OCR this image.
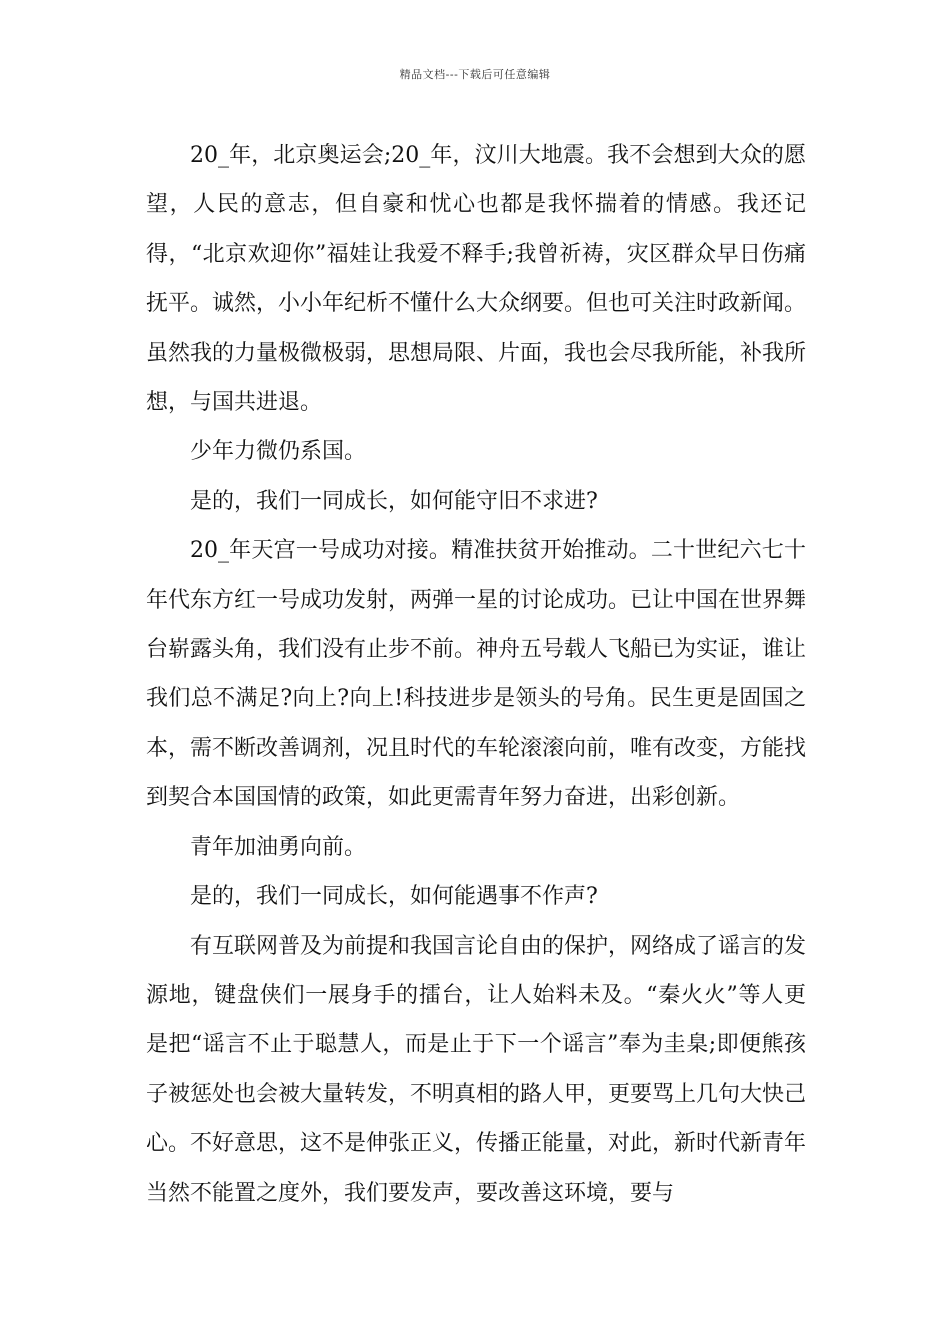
精品文档---下载后可任意编辑

20_年，北京奥运会;20_年，汶川大地震。我不会想到大众的愿望，人民的意志，但自豪和忧心也都是我怀揣着的情感。我还记得，“北京欢迎你”福娃让我爱不释手;我曾祈祷，灾区群众早日伤痛抚平。诚然，小小年纪析不懂什么大众纲要。但也可关注时政新闻。虽然我的力量极微极弱，思想局限、片面，我也会尽我所能，补我所想，与国共进退。

少年力微仍系国。

是的，我们一同成长，如何能守旧不求进?

20_年天宫一号成功对接。精准扶贫开始推动。二十世纪六七十年代东方红一号成功发射，两弹一星的讨论成功。已让中国在世界舞台崭露头角，我们没有止步不前。神舟五号载人飞船已为实证，谁让我们总不满足?向上?向上!科技进步是领头的号角。民生更是固国之本，需不断改善调剂，况且时代的车轮滚滚向前，唯有改变，方能找到契合本国国情的政策，如此更需青年努力奋进，出彩创新。

青年加油勇向前。

是的，我们一同成长，如何能遇事不作声?

有互联网普及为前提和我国言论自由的保护，网络成了谣言的发源地，键盘侠们一展身手的擂台，让人始料未及。“秦火火”等人更是把“谣言不止于聪慧人，而是止于下一个谣言”奉为圭臬;即便熊孩子被惩处也会被大量转发，不明真相的路人甲，更要骂上几句大快己心。不好意思，这不是伸张正义，传播正能量，对此，新时代新青年当然不能置之度外，我们要发声，要改善这环境，要与
